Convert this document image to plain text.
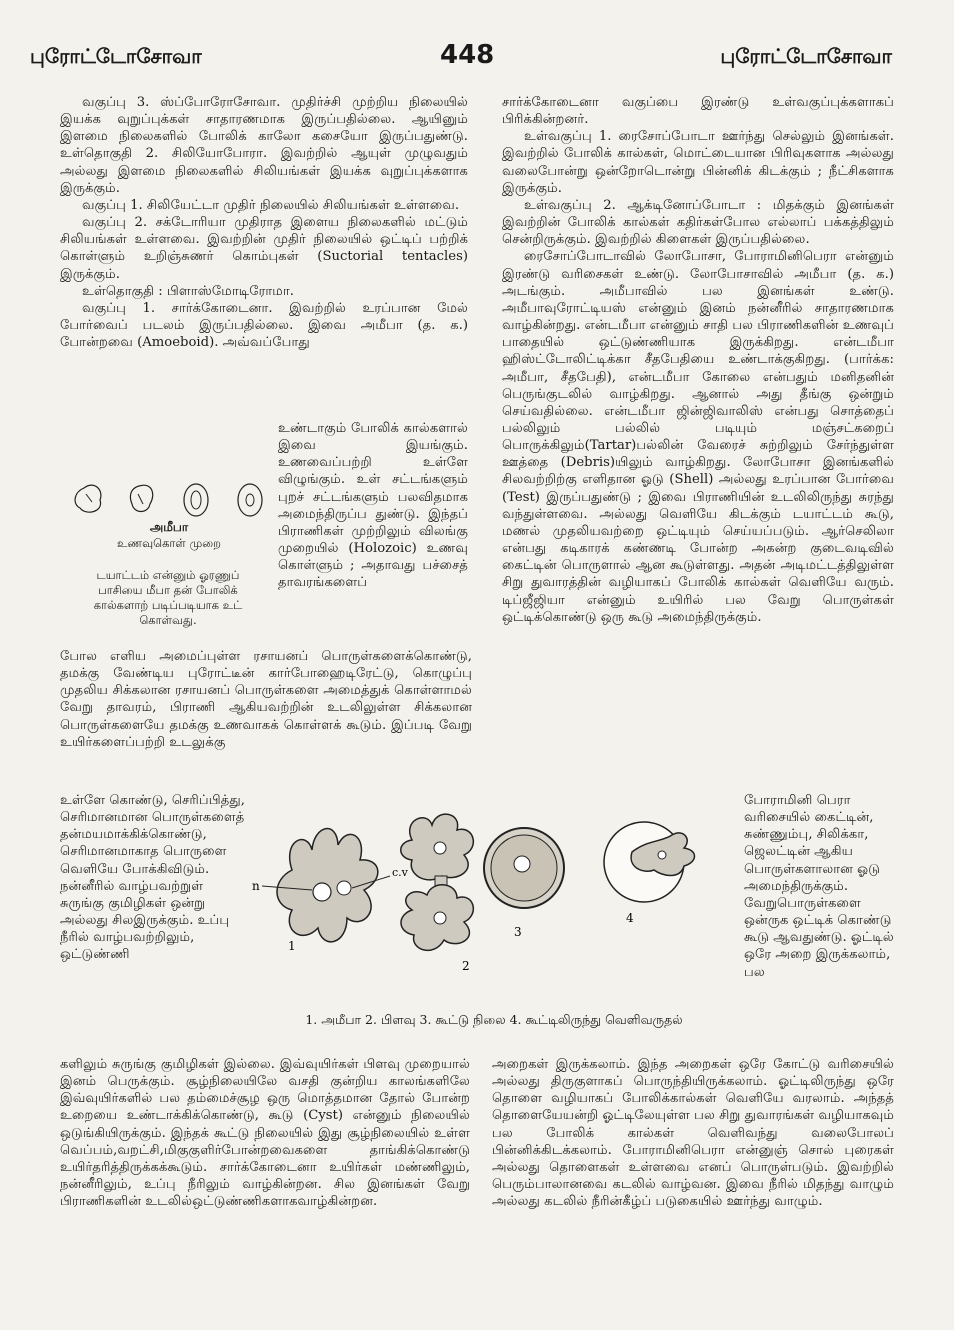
புரோட்டோசோவா	448	புரோட்டோசோவா

வகுப்பு 3. ஸ்ப்போரோசோவா. முதிர்ச்சி முற்றிய நிலையில் இயக்க வுறுப்புக்கள் சாதாரணமாக இருப்பதில்லை. ஆயினும் இளமை நிலைகளில் போலிக் காலோ கசையோ இருப்பதுண்டு. உள்தொகுதி 2. சிலியோபோரா. இவற்றில் ஆயுள் முழுவதும் அல்லது இளமை நிலைகளில் சிலியங்கள் இயக்க வுறுப்புக்களாக இருக்கும்.

வகுப்பு 1. சிலியேட்டா முதிர் நிலையில் சிலியங்கள் உள்ளவை.

வகுப்பு 2. சக்டோரியா முதிராத இளைய நிலைகளில் மட்டும் சிலியங்கள் உள்ளவை. இவற்றின் முதிர் நிலையில் ஒட்டிப் பற்றிக் கொள்ளும் உறிஞ்சுணர் கொம்புகள் (Suctorial tentacles) இருக்கும்.

உள்தொகுதி : பிளாஸ்மோடிரோமா.

வகுப்பு 1. சார்க்கோடைனா. இவற்றில் உரப்பான மேல் போர்வைப் படலம் இருப்பதில்லை. இவை அமீபா (த. க.) போன்றவை (Amoeboid). அவ்வப்போது

உண்டாகும் போலிக் கால்களால் இவை இயங்கும். உணவைப்பற்றி உள்ளே விழுங்கும். உள் சட்டங்களும் புறச் சட்டங்களும் பலவிதமாக அமைந்திருப்ப துண்டு. இந்தப் பிராணிகள் முற்றிலும் விலங்கு முறையில் (Holozoic) உணவு கொள்ளும் ; அதாவது பச்சைத் தாவரங்களைப்

அமீபா
உணவுகொள் முறை
டயாட்டம் என்னும் ஓரணுப் பாசியை மீபா தன் போலிக் கால்களாற் படிப்படியாக உட் கொள்வது.

போல எளிய அமைப்புள்ள ரசாயனப் பொருள்களைக்கொண்டு, தமக்கு வேண்டிய புரோட்டீன் கார்போஹைடிரேட்டு, கொழுப்பு முதலிய சிக்கலான ரசாயனப் பொருள்களை அமைத்துக் கொள்ளாமல் வேறு தாவரம், பிராணி ஆகியவற்றின் உடலிலுள்ள சிக்கலான பொருள்களையே தமக்கு உணவாகக் கொள்ளக் கூடும். இப்படி வேறு உயிர்களைப்பற்றி உடலுக்கு

சார்க்கோடைனா வகுப்பை இரண்டு உள்வகுப்புக்களாகப் பிரிக்கின்றனர்.

உள்வகுப்பு 1. ரைசோப்போடா ஊர்ந்து செல்லும் இனங்கள். இவற்றில் போலிக் கால்கள், மொட்டையான பிரிவுகளாக அல்லது வலைபோன்று ஒன்றோடொன்று பின்னிக் கிடக்கும் ; நீட்சிகளாக இருக்கும்.

உள்வகுப்பு 2. ஆக்டினோப்போடா : மிதக்கும் இனங்கள் இவற்றின் போலிக் கால்கள் கதிர்கள்போல எல்லாப் பக்கத்திலும் சென்றிருக்கும். இவற்றில் கிளைகள் இருப்பதில்லை.

ரைசோப்போடாவில் லோபோசா, போராமினிபெரா என்னும் இரண்டு வரிசைகள் உண்டு. லோபோசாவில் அமீபா (த. க.) அடங்கும். அமீபாவில் பல இனங்கள் உண்டு. அமீபாவுரோட்டியஸ் என்னும் இனம் நன்னீரில் சாதாரணமாக வாழ்கின்றது. என்டமீபா என்னும் சாதி பல பிராணிகளின் உணவுப் பாதையில் ஒட்டுண்ணியாக இருக்கிறது. என்டமீபா ஹிஸ்ட்டோலிட்டிக்கா சீதபேதியை உண்டாக்குகிறது. (பார்க்க: அமீபா, சீதபேதி), என்டமீபா கோலை என்பதும் மனிதனின் பெருங்குடலில் வாழ்கிறது. ஆனால் அது தீங்கு ஒன்றும் செய்வதில்லை. என்டமீபா ஜின்ஜிவாலிஸ் என்பது சொத்தைப் பல்லிலும் பல்லில் படியும் மஞ்சட்கறைப் பொருக்கிலும்(Tartar)பல்லின் வேரைச் சுற்றிலும் சேர்ந்துள்ள ஊத்தை (Debris)யிலும் வாழ்கிறது. லோபோசா இனங்களில் சிலவற்றிற்கு எளிதான ஓடு (Shell) அல்லது உரப்பான போர்வை (Test) இருப்பதுண்டு ; இவை பிராணியின் உடலிலிருந்து சுரந்து வந்துள்ளவை. அல்லது வெளியே கிடக்கும் டயாட்டம் கூடு, மணல் முதலியவற்றை ஒட்டியும் செய்யப்படும். ஆர்செலிலா என்பது கடிகாரக் கண்ணடி போன்ற அகன்ற குடைவடிவில் கைட்டின் பொருளால் ஆன கூடுள்ளது. அதன் அடிமட்டத்திலுள்ள சிறு துவாரத்தின் வழியாகப் போலிக் கால்கள் வெளியே வரும். டிப்ஜீஜியா என்னும் உயிரில் பல வேறு பொருள்கள் ஒட்டிக்கொண்டு ஒரு கூடு அமைந்திருக்கும்.

உள்ளே கொண்டு, செரிப்பித்து, செரிமானமான பொருள்களைத் தன்மயமாக்கிக்கொண்டு, செரிமானமாகாத பொருளை வெளியே போக்கிவிடும். நன்னீரில் வாழ்பவற்றுள் சுருங்கு குமிழிகள் ஒன்று அல்லது சிலஇருக்கும். உப்பு நீரில் வாழ்பவற்றிலும், ஒட்டுண்ணி

n
c.v
1
2
3
4
1. அமீபா 2. பிளவு 3. கூட்டு நிலை 4. கூட்டிலிருந்து வெளிவருதல்

போராமினி பெரா வரிசையில் கைட்டின், சுண்ணும்பு, சிலிக்கா, ஜெலட்டின் ஆகிய பொருள்களாலான ஓடு அமைந்திருக்கும். வேறுபொருள்களை ஒன்ருக ஒட்டிக் கொண்டு கூடு ஆவதுண்டு. ஓட்டில் ஒரே அறை இருக்கலாம், பல

களிலும் சுருங்கு குமிழிகள் இல்லை. இவ்வுயிர்கள் பிளவு முறையால் இனம் பெருக்கும். சூழ்நிலையிலே வசதி குன்றிய காலங்களிலே இவ்வுயிர்களில் பல தம்மைச்சூழ ஒரு மொத்தமான தோல் போன்ற உறையை உண்டாக்கிக்கொண்டு, கூடு (Cyst) என்னும் நிலையில் ஒடுங்கியிருக்கும். இந்தக் கூட்டு நிலையில் இது சூழ்நிலையில் உள்ள வெப்பம்,வறட்சி,மிகுகுளிர்போன்றவைகளை தாங்கிக்கொண்டு உயிர்தரித்திருக்கக்கூடும். சார்க்கோடைனா உயிர்கள் மண்ணிலும், நன்னீரிலும், உப்பு நீரிலும் வாழ்கின்றன. சில இனங்கள் வேறு பிராணிகளின் உடலில்ஒட்டுண்ணிகளாகவாழ்கின்றன.

அறைகள் இருக்கலாம். இந்த அறைகள் ஒரே கோட்டு வரிசையில் அல்லது திருகுளாகப் பொருந்தியிருக்கலாம். ஓட்டிலிருந்து ஒரே தொளை வழியாகப் போலிக்கால்கள் வெளியே வரலாம். அந்தத் தொளையேயன்றி ஓட்டிலேயுள்ள பல சிறு துவாரங்கள் வழியாகவும் பல போலிக் கால்கள் வெளிவந்து வலைபோலப் பின்னிக்கிடக்கலாம். போராமினிபெரா என்னுஞ் சொல் புரைகள் அல்லது தொளைகள் உள்ளவை எனப் பொருள்படும். இவற்றில் பெரும்பாலானவை கடலில் வாழ்வன. இவை நீரில் மிதந்து வாழும் அல்லது கடலில் நீரின்கீழ்ப் படுகையில் ஊர்ந்து வாழும்.
